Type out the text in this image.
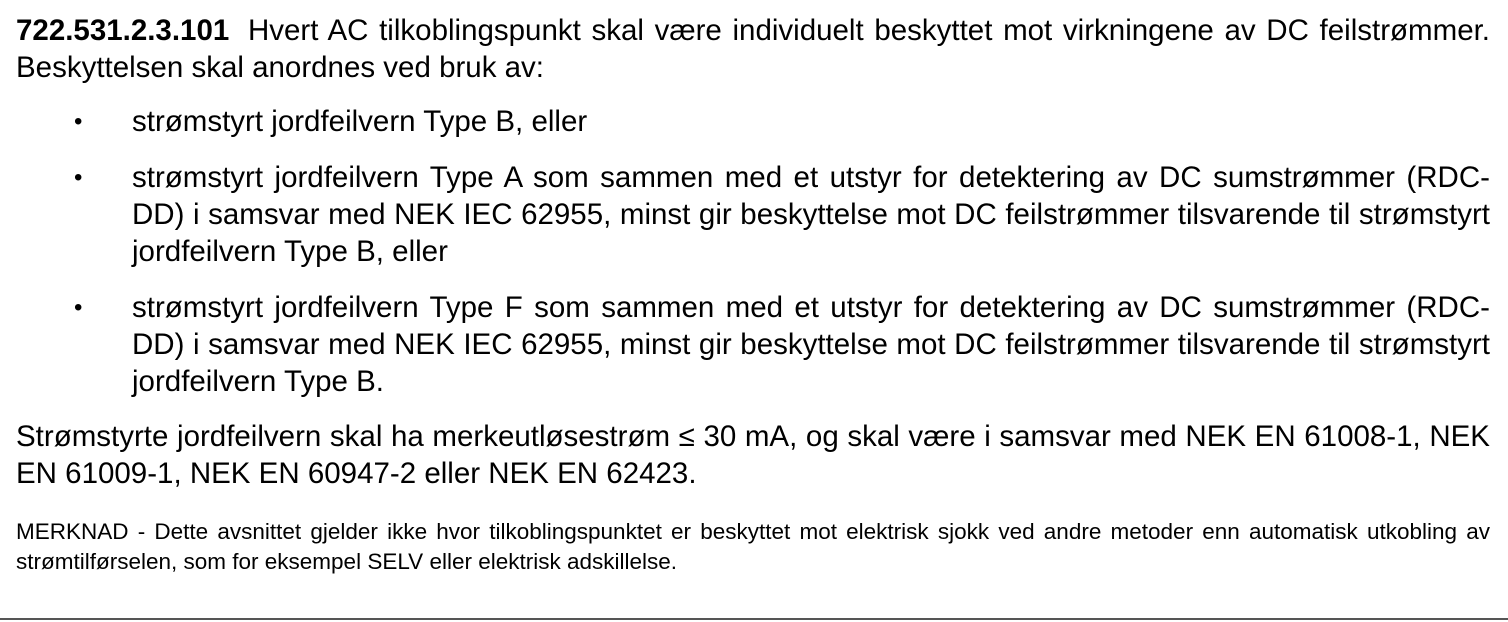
722.531.2.3.101 Hvert AC tilkoblingspunkt skal være individuelt beskyttet mot virkningene av DC feilstrømmer. Beskyttelsen skal anordnes ved bruk av:

• strømstyrt jordfeilvern Type B, eller
• strømstyrt jordfeilvern Type A som sammen med et utstyr for detektering av DC sumstrømmer (RDC-DD) i samsvar med NEK IEC 62955, minst gir beskyttelse mot DC feilstrømmer tilsvarende til strømstyrt jordfeilvern Type B, eller
• strømstyrt jordfeilvern Type F som sammen med et utstyr for detektering av DC sumstrømmer (RDC-DD) i samsvar med NEK IEC 62955, minst gir beskyttelse mot DC feilstrømmer tilsvarende til strømstyrt jordfeilvern Type B.

Strømstyrte jordfeilvern skal ha merkeutløsestrøm ≤ 30 mA, og skal være i samsvar med NEK EN 61008-1, NEK EN 61009-1, NEK EN 60947-2 eller NEK EN 62423.

MERKNAD - Dette avsnittet gjelder ikke hvor tilkoblingspunktet er beskyttet mot elektrisk sjokk ved andre metoder enn automatisk utkobling av strømtilførselen, som for eksempel SELV eller elektrisk adskillelse.
